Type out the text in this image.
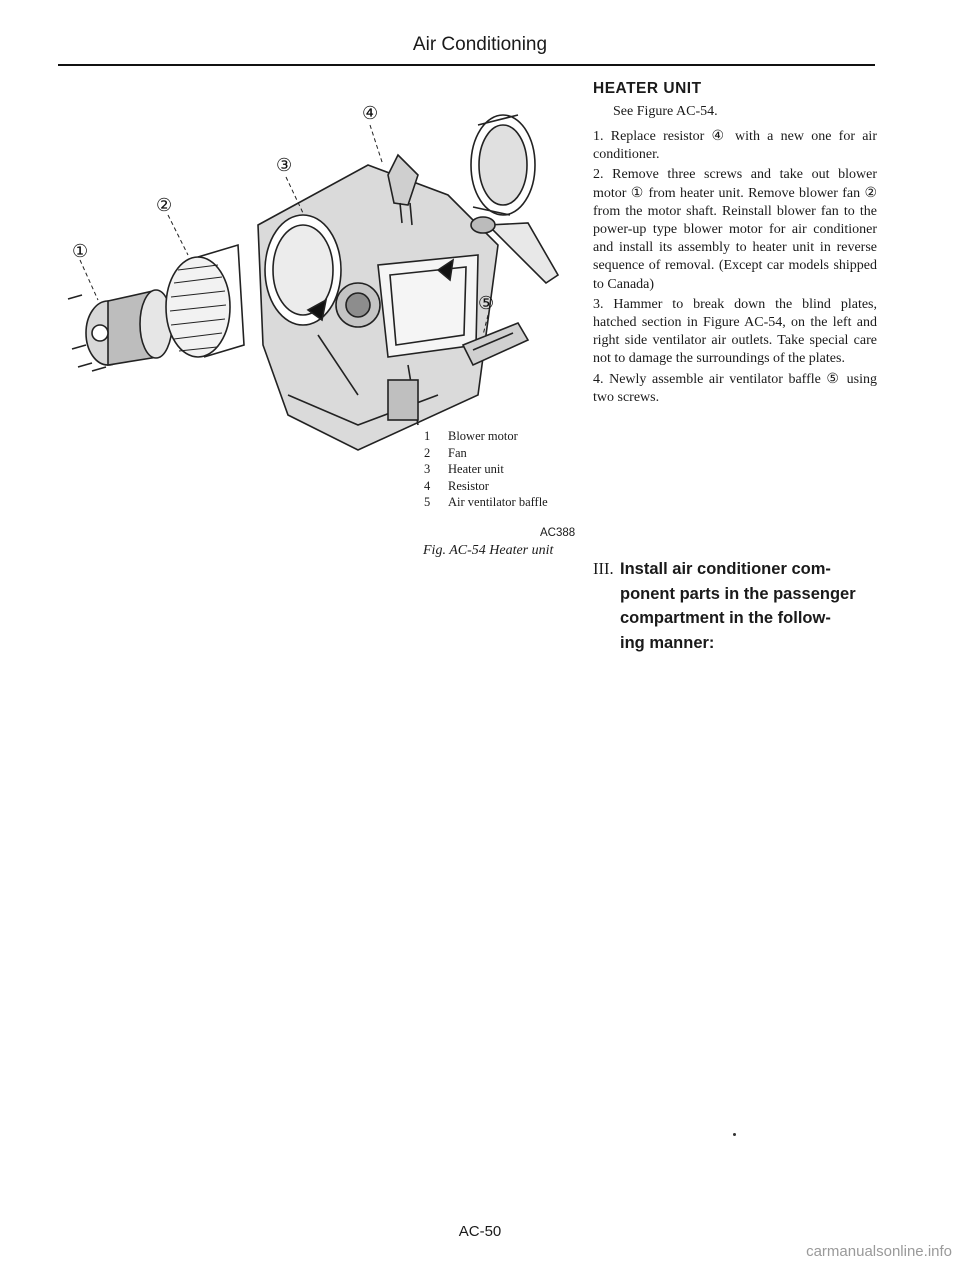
Air Conditioning
①
②
③
④
⑤
1	Blower motor
2	Fan
3	Heater unit
4	Resistor
5	Air ventilator baffle
AC388
Fig. AC-54 Heater unit
HEATER UNIT
See Figure AC-54.

1. Replace resistor ④ with a new one for air conditioner.

2. Remove three screws and take out blower motor ① from heater unit. Remove blower fan ② from the motor shaft. Reinstall blower fan to the power-up type blower motor for air conditioner and install its assembly to heater unit in reverse sequence of removal. (Except car models shipped to Canada)

3. Hammer to break down the blind plates, hatched section in Figure AC-54, on the left and right side ventilator air outlets. Take special care not to damage the surroundings of the plates.

4. Newly assemble air ventilator baffle ⑤ using two screws.

III. Install air conditioner com-
ponent parts in the passenger
compartment in the follow-
ing manner:
AC-50
carmanualsonline.info
